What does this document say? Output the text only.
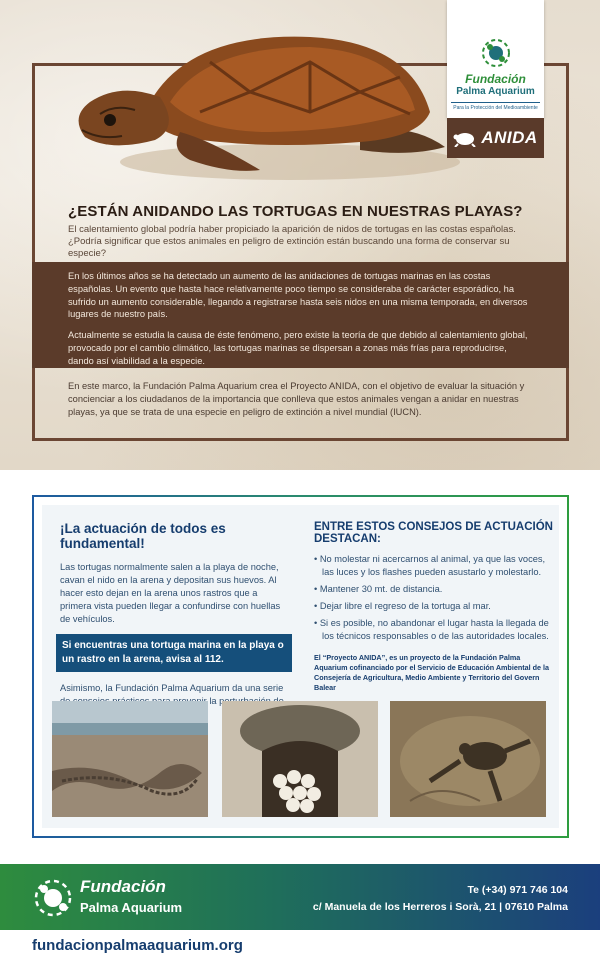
Fundación
Palma Aquarium
Para la Protección del Medioambiente
ANIDA
¿ESTÁN ANIDANDO LAS TORTUGAS EN NUESTRAS PLAYAS?

El calentamiento global podría haber propiciado la aparición de nidos de tortugas en las costas españolas. ¿Podría significar que estos animales en peligro de extinción están buscando una forma de conservar su especie?

En los últimos años se ha detectado un aumento de las anidaciones de tortugas marinas en las costas españolas. Un evento que hasta hace relativamente poco tiempo se consideraba de carácter esporádico, ha sufrido un aumento considerable, llegando a registrarse hasta seis nidos en una misma temporada, en diversos lugares de nuestro país.

Actualmente se estudia la causa de éste fenómeno, pero existe la teoría de que debido al calentamiento global, provocado por el cambio climático, las tortugas marinas se dispersan a zonas más frías para reproducirse, dando así viabilidad a la especie.

En este marco, la Fundación Palma Aquarium crea el Proyecto ANIDA, con el objetivo de evaluar la situación y concienciar a los ciudadanos de la importancia que conlleva que estos animales vengan a anidar en nuestras playas, ya que se trata de una especie en peligro de extinción a nivel mundial (IUCN).

¡La actuación de todos es fundamental!

Las tortugas normalmente salen a la playa de noche, cavan el nido en la arena y depositan sus huevos. Al hacer esto dejan en la arena unos rastros que a primera vista pueden llegar a confundirse con huellas de vehículos.

Si encuentras una tortuga marina en la playa o un rastro en la arena, avisa al 112.

Asimismo, la Fundación Palma Aquarium da una serie la

ENTRE ESTOS CONSEJOS DE ACTUACIÓN DESTACAN:
• No molestar ni acercarnos al animal, ya que las voces, las luces y los flashes pueden asustarlo y molestarlo.
• Mantener 30 mt. de distancia.
• Dejar libre el regreso de la tortuga al mar.
• Si es posible, no abandonar el lugar hasta la llegada de los técnicos responsables o de las autoridades locales.

El “Proyecto ANIDA”, es un proyecto de la Fundación Palma Aquarium cofinanciado por el Servicio de Educación Ambiental de la Consejería de Agricultura, Medio Ambiente y Territorio del Govern Balear

Fundación
Palma Aquarium
Te (+34) 971 746 104
c/ Manuela de los Herreros i Sorà, 21 | 07610 Palma
fundacionpalmaaquarium.org
